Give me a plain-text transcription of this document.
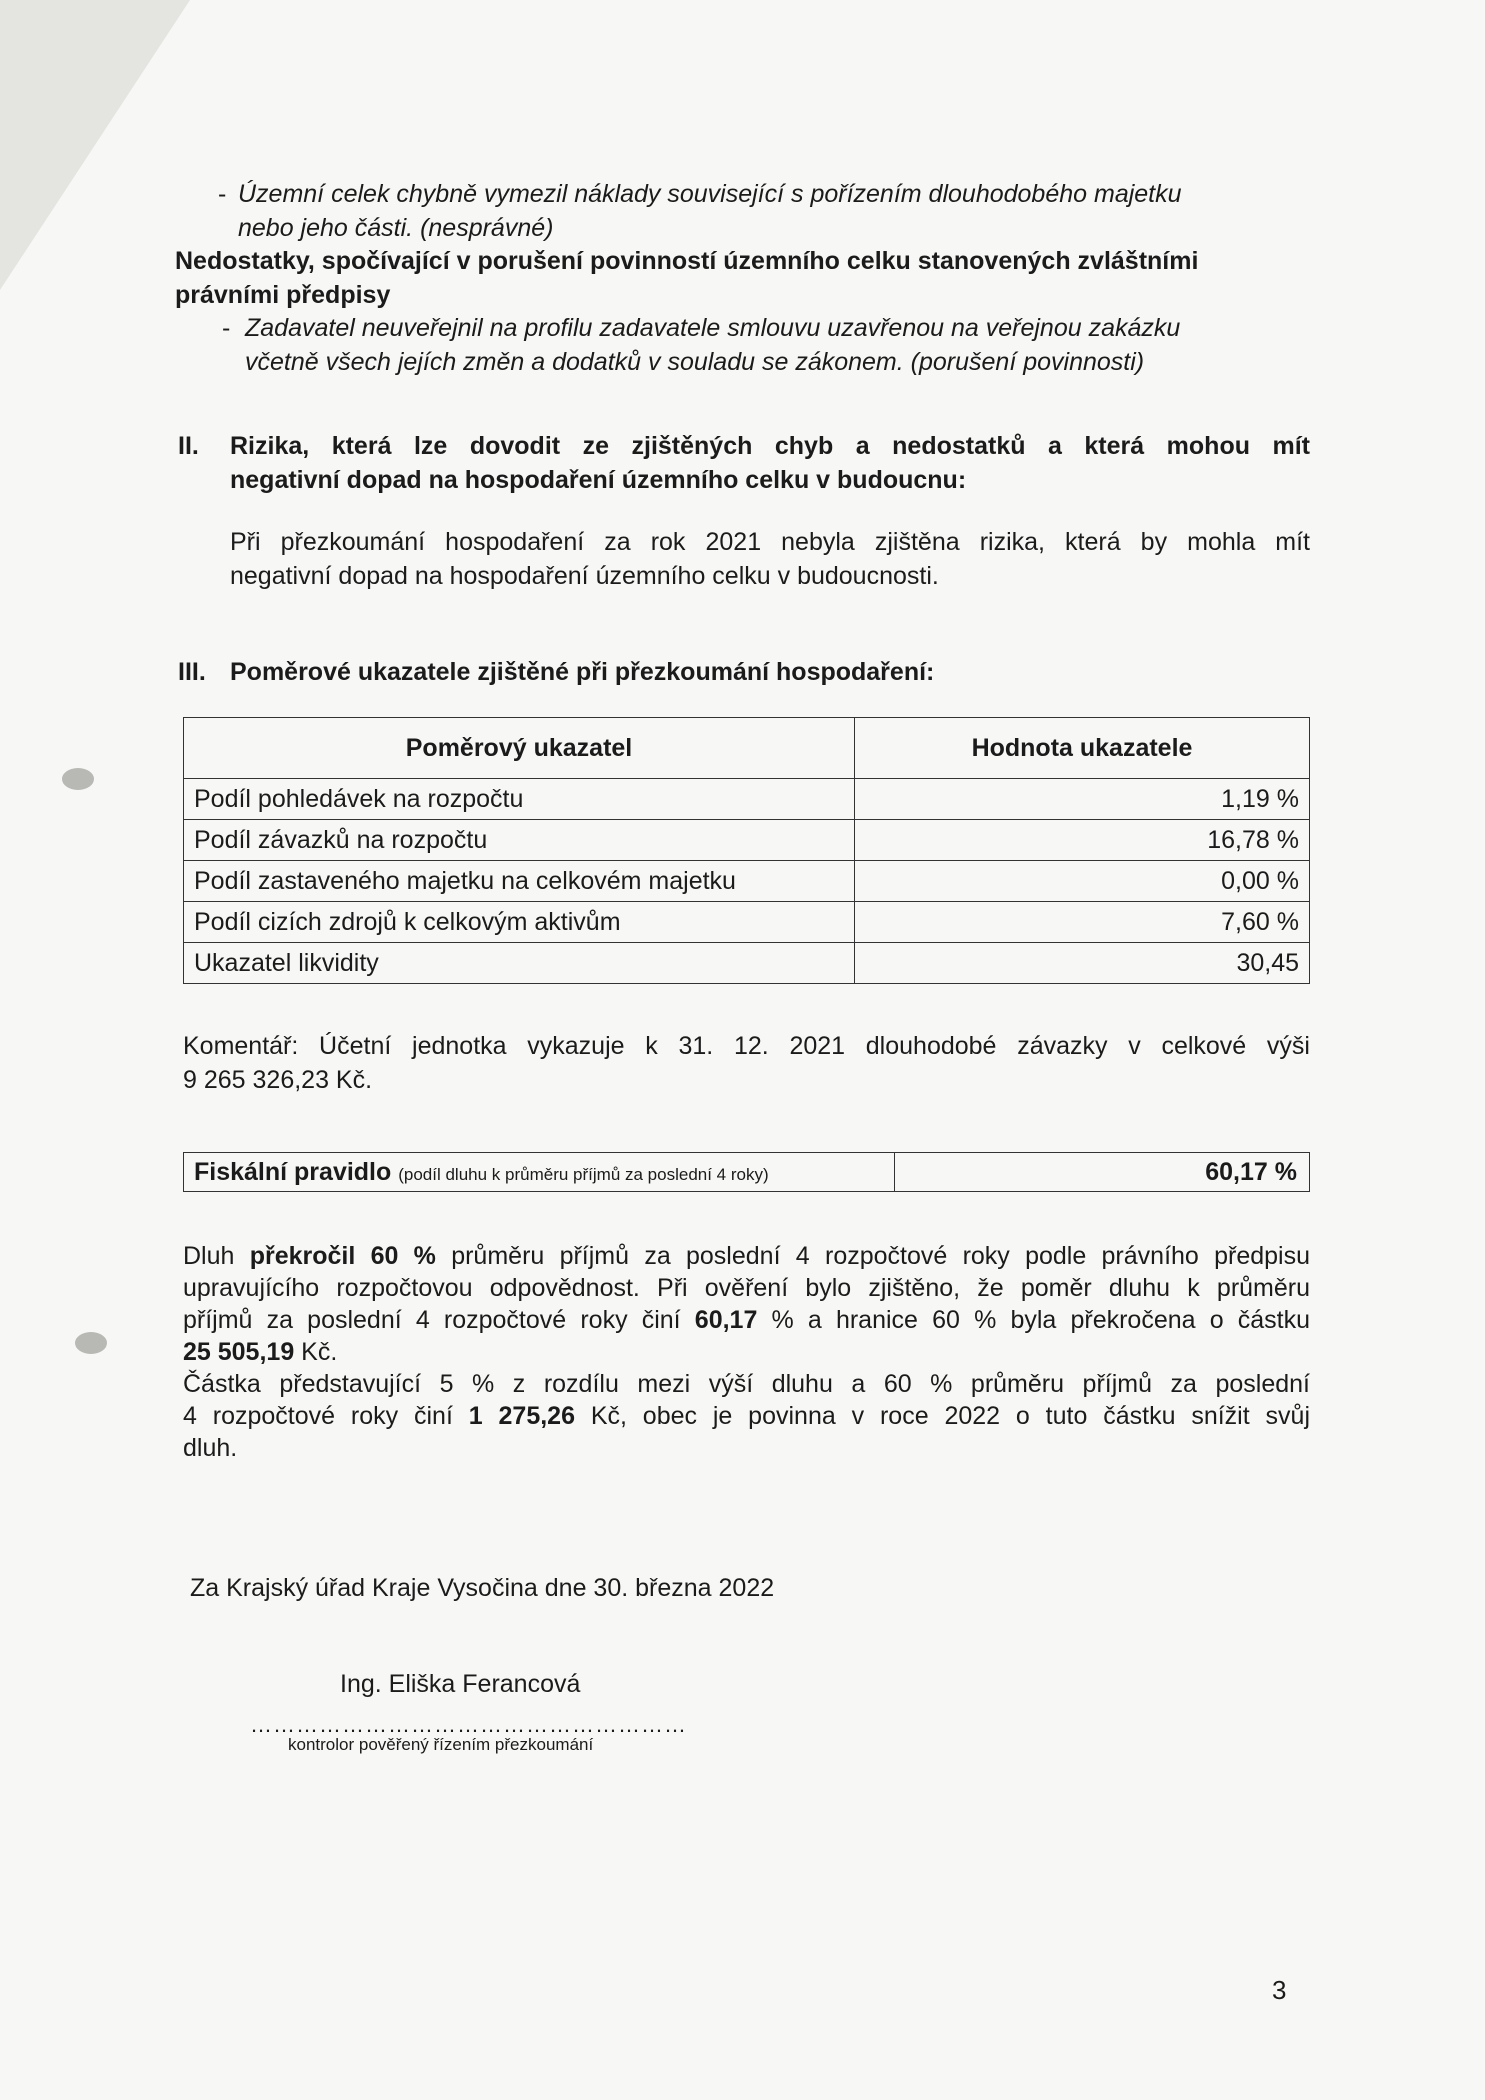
- Územní celek chybně vymezil náklady související s pořízením dlouhodobého majetku
nebo jeho části. (nesprávné)
Nedostatky, spočívající v porušení povinností územního celku stanovených zvláštními
právními předpisy
- Zadavatel neuveřejnil na profilu zadavatele smlouvu uzavřenou na veřejnou zakázku
včetně všech jejích změn a dodatků v souladu se zákonem. (porušení povinnosti)
II. Rizika, která lze dovodit ze zjištěných chyb a nedostatků a která mohou mít
negativní dopad na hospodaření územního celku v budoucnu:
Při přezkoumání hospodaření za rok 2021 nebyla zjištěna rizika, která by mohla mít
negativní dopad na hospodaření územního celku v budoucnosti.
III. Poměrové ukazatele zjištěné při přezkoumání hospodaření:
Poměrový ukazatel	Hodnota ukazatele
Podíl pohledávek na rozpočtu	1,19 %
Podíl závazků na rozpočtu	16,78 %
Podíl zastaveného majetku na celkovém majetku	0,00 %
Podíl cizích zdrojů k celkovým aktivům	7,60 %
Ukazatel likvidity	30,45
Komentář: Účetní jednotka vykazuje k 31. 12. 2021 dlouhodobé závazky v celkové výši
9 265 326,23 Kč.
Fiskální pravidlo (podíl dluhu k průměru příjmů za poslední 4 roky)	60,17 %
Dluh překročil 60 % průměru příjmů za poslední 4 rozpočtové roky podle právního předpisu
upravujícího rozpočtovou odpovědnost. Při ověření bylo zjištěno, že poměr dluhu k průměru
příjmů za poslední 4 rozpočtové roky činí 60,17 % a hranice 60 % byla překročena o částku
25 505,19 Kč.
Částka představující 5 % z rozdílu mezi výší dluhu a 60 % průměru příjmů za poslední
4 rozpočtové roky činí 1 275,26 Kč, obec je povinna v roce 2022 o tuto částku snížit svůj
dluh.
Za Krajský úřad Kraje Vysočina dne 30. března 2022
Ing. Eliška Ferancová
…………………………………………………
kontrolor pověřený řízením přezkoumání
3
